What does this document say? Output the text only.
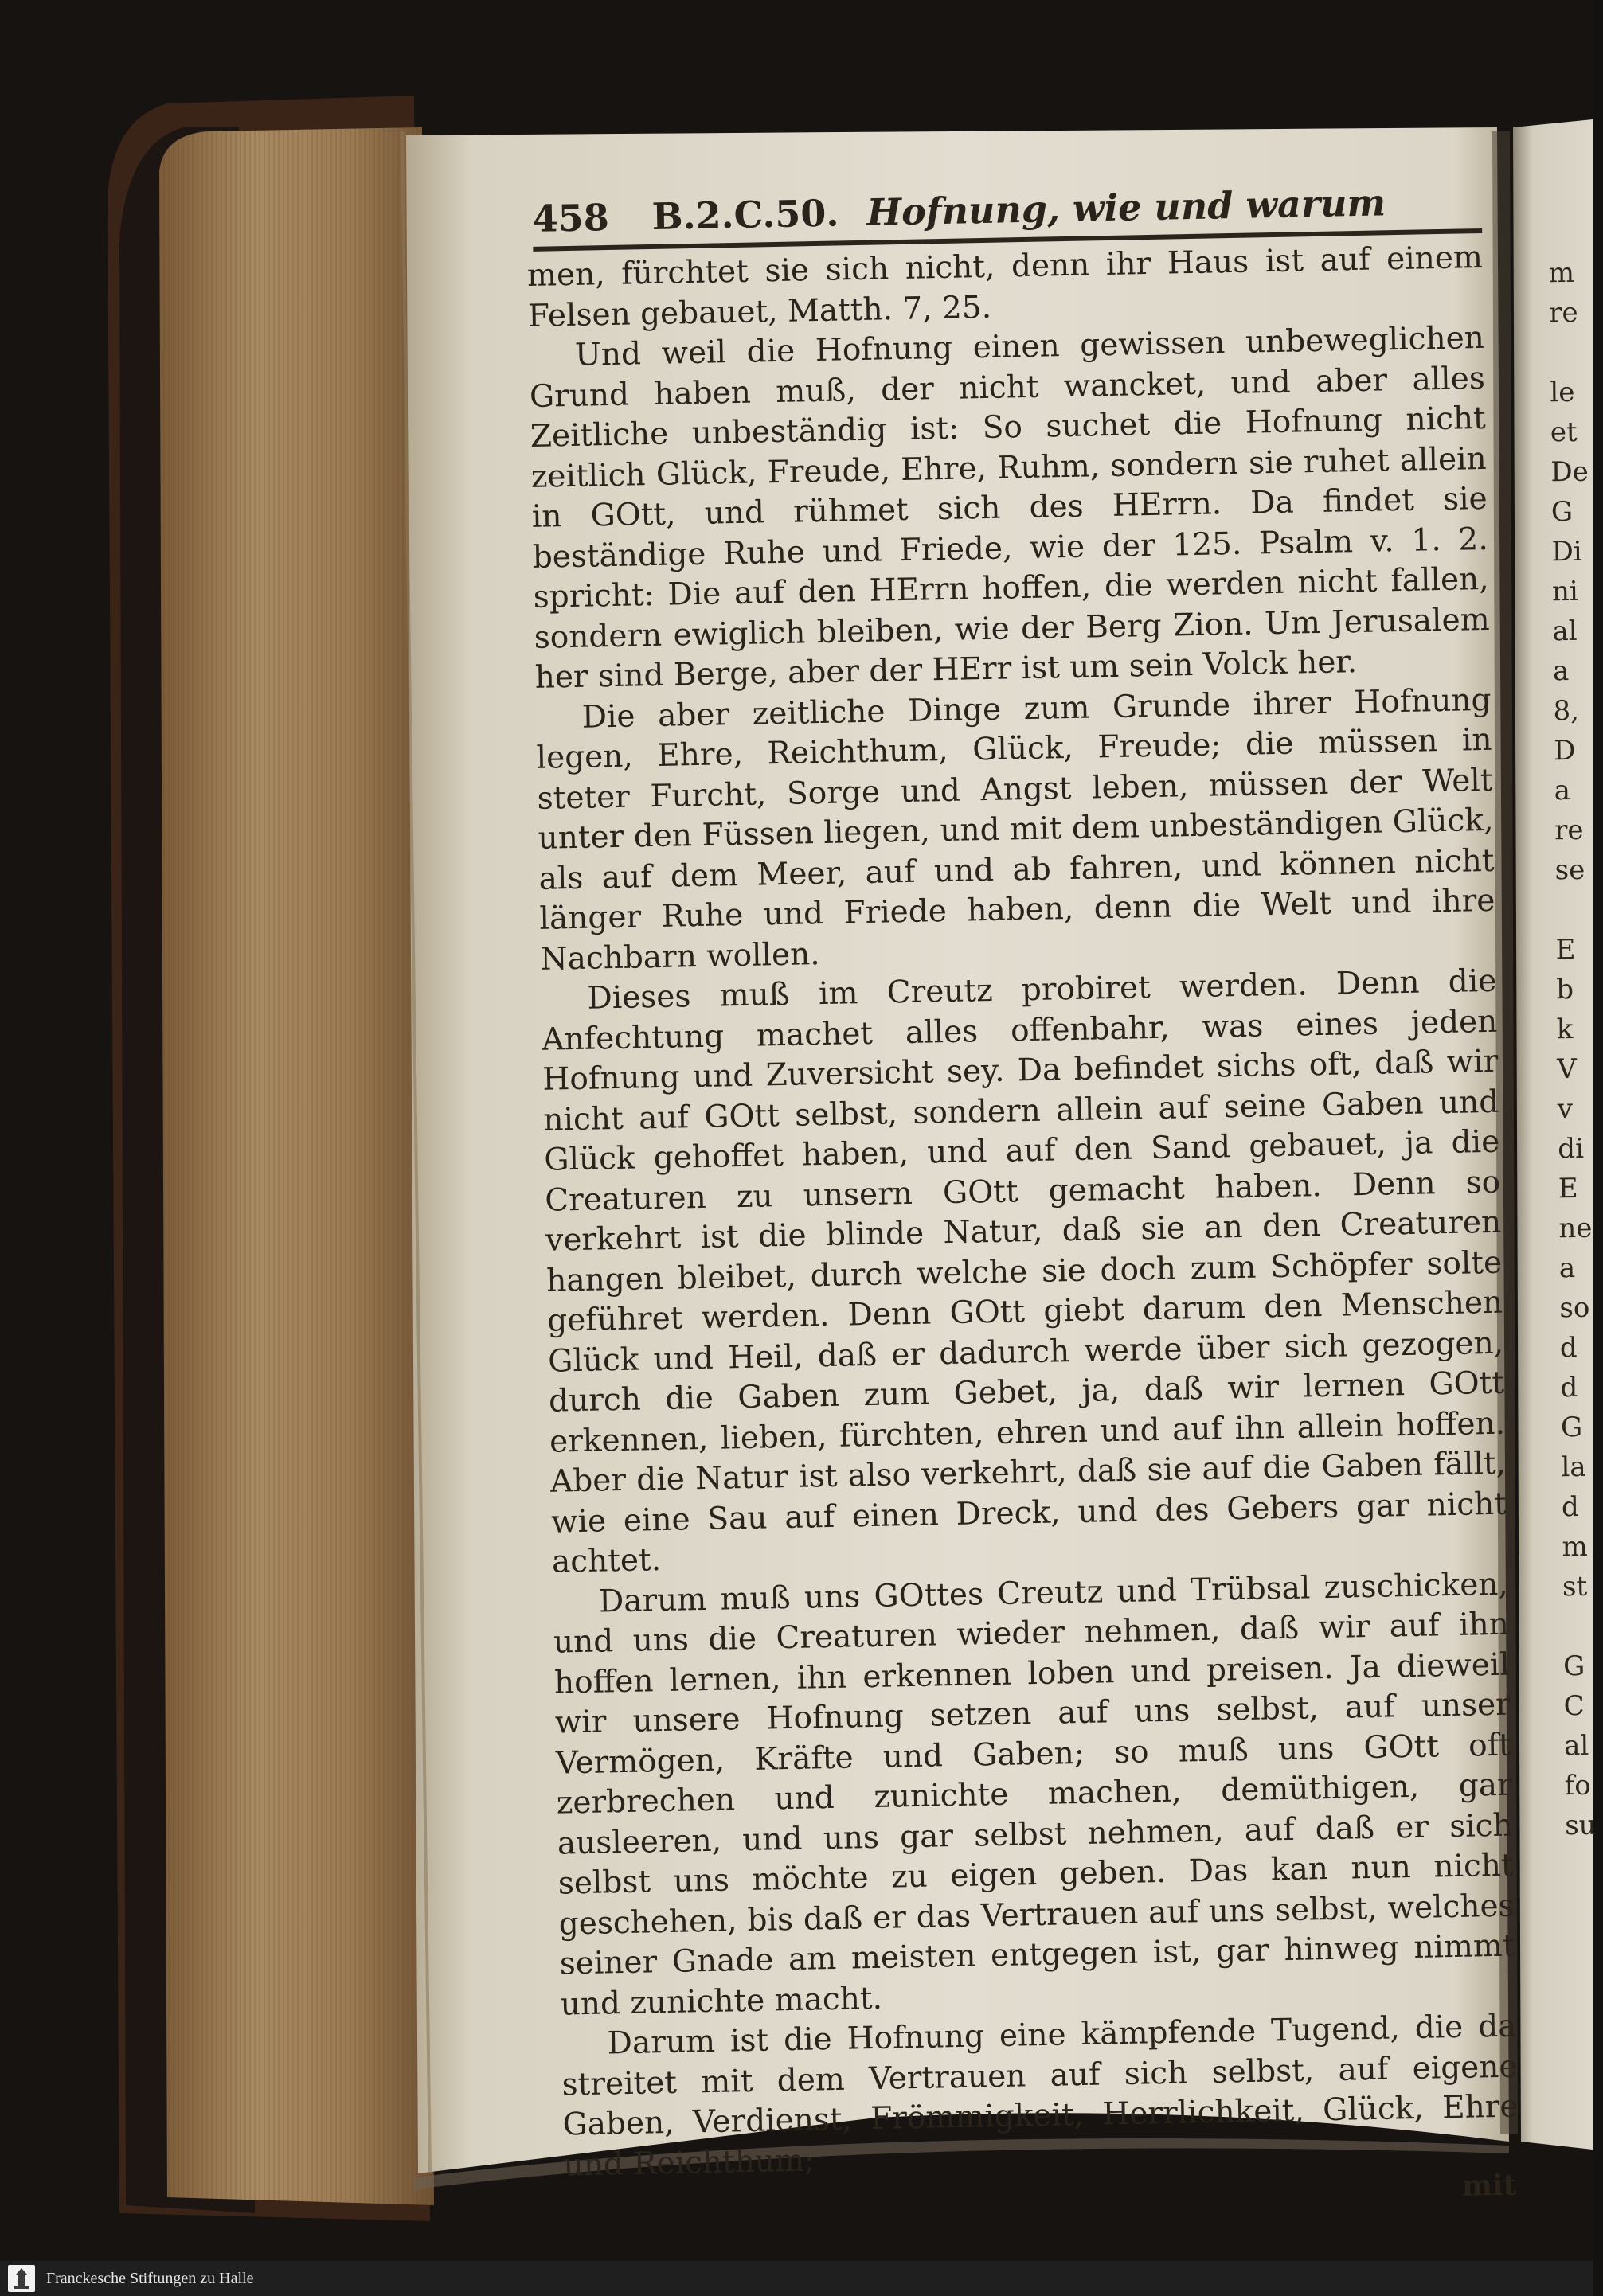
458 B.2.C.50. Hofnung, wie und warum

men, fürchtet sie sich nicht, denn ihr Haus ist auf einem Felsen gebauet, Matth. 7, 25.

Und weil die Hofnung einen gewissen unbeweglichen Grund haben muß, der nicht wancket, und aber alles Zeitliche unbeständig ist: So suchet die Hofnung nicht zeitlich Glück, Freude, Ehre, Ruhm, sondern sie ruhet allein in GOtt, und rühmet sich des HErrn. Da findet sie beständige Ruhe und Friede, wie der 125. Psalm v. 1. 2. spricht: Die auf den HErrn hoffen, die werden nicht fallen, sondern ewiglich bleiben, wie der Berg Zion. Um Jerusalem her sind Berge, aber der HErr ist um sein Volck her.

Die aber zeitliche Dinge zum Grunde ihrer Hofnung legen, Ehre, Reichthum, Glück, Freude; die müssen in steter Furcht, Sorge und Angst leben, müssen der Welt unter den Füssen liegen, und mit dem unbeständigen Glück, als auf dem Meer, auf und ab fahren, und können nicht länger Ruhe und Friede haben, denn die Welt und ihre Nachbarn wollen.

Dieses muß im Creutz probiret werden. Denn die Anfechtung machet alles offenbahr, was eines jeden Hofnung und Zuversicht sey. Da befindet sichs oft, daß wir nicht auf GOtt selbst, sondern allein auf seine Gaben und Glück gehoffet haben, und auf den Sand gebauet, ja die Creaturen zu unsern GOtt gemacht haben. Denn so verkehrt ist die blinde Natur, daß sie an den Creaturen hangen bleibet, durch welche sie doch zum Schöpfer solte geführet werden. Denn GOtt giebt darum den Menschen Glück und Heil, daß er dadurch werde über sich gezogen, durch die Gaben zum Gebet, ja, daß wir lernen GOtt erkennen, lieben, fürchten, ehren und auf ihn allein hoffen. Aber die Natur ist also verkehrt, daß sie auf die Gaben fällt, wie eine Sau auf einen Dreck, und des Gebers gar nicht achtet.

Darum muß uns GOttes Creutz und Trübsal zuschicken, und uns die Creaturen wieder nehmen, daß wir auf ihn hoffen lernen, ihn erkennen loben und preisen. Ja dieweil wir unsere Hofnung setzen auf uns selbst, auf unser Vermögen, Kräfte und Gaben; so muß uns GOtt oft zerbrechen und zunichte machen, demüthigen, gar ausleeren, und uns gar selbst nehmen, auf daß er sich selbst uns möchte zu eigen geben. Das kan nun nicht geschehen, bis daß er das Vertrauen auf uns selbst, welches seiner Gnade am meisten entgegen ist, gar hinweg nimmt und zunichte macht.

Darum ist die Hofnung eine kämpfende Tugend, die da streitet mit dem Vertrauen auf sich selbst, auf eigene Gaben, Verdienst, Frömmigkeit, Herrlichkeit, Glück, Ehre und Reichthum;

mit
m
re
le
et
De
G
Di
ni
al
a
8,
D
a
re
se
E
b
k
V
v
di
E
ne
a
so
d
d
G
la
d
m
st
G
C
al
fo
su
Franckesche Stiftungen zu Halle
